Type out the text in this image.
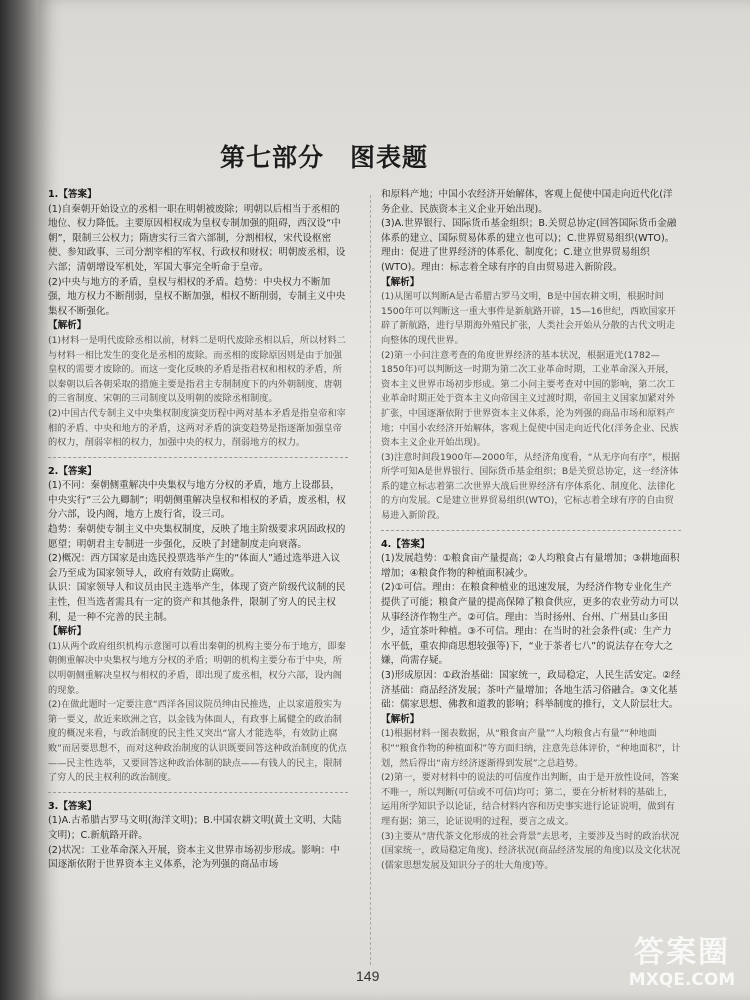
第七部分 图表题

1.【答案】

(1)自秦朝开始设立的丞相一职在明朝被废除；明朝以后相当于丞相的地位、权力降低。主要原因相权成为皇权专制加强的阻碍，西汉设“中朝”，限制三公权力；隋唐实行三省六部制，分割相权，宋代设枢密使、参知政事、三司分割宰相的军权、行政权和财权；明朝废丞相，设六部；清朝增设军机处，军国大事完全听命于皇帝。

(2)中央与地方的矛盾，皇权与相权的矛盾。趋势：中央权力不断加强，地方权力不断削弱，皇权不断加强，相权不断削弱，专制主义中央集权不断强化。

【解析】

(1)材料一是明代废除丞相以前，材料二是明代废除丞相以后，所以材料二与材料一相比发生的变化是丞相的废除。而丞相的废除原因则是由于加强皇权的需要才废除的。而这一变化反映的矛盾是指君权和相权的矛盾，所以秦朝以后各朝采取的措施主要是指君主专制制度下的内外朝制度、唐朝的三省制度、宋朝的三司制度以及明朝的废除丞相制度。

(2)中国古代专制主义中央集权制度演变历程中两对基本矛盾是指皇帝和宰相的矛盾、中央和地方的矛盾，这两对矛盾的演变趋势是指逐渐加强皇帝的权力，削弱宰相的权力，加强中央的权力，削弱地方的权力。

2.【答案】

(1)不同：秦朝侧重解决中央集权与地方分权的矛盾，地方上设郡县，中央实行“三公九卿制”；明朝侧重解决皇权和相权的矛盾，废丞相，权分六部，设内阁，地方上废行省，设三司。

趋势：秦朝使专制主义中央集权制度，反映了地主阶级要求巩固政权的愿望；明朝君主专制进一步强化，反映了封建制度走向衰落。

(2)概况：西方国家是由选民投票选举产生的“体面人”通过选举进入议会乃至成为国家领导人，政府有效防止腐败。

认识：国家领导人和议员由民主选举产生，体现了资产阶级代议制的民主性，但当选者需具有一定的资产和其他条件，限制了穷人的民主权利，是一种不完善的民主制。

【解析】

(1)从两个政府组织机构示意图可以看出秦朝的机构主要分布于地方，即秦朝侧重解决中央集权与地方分权的矛盾；明朝的机构主要分布于中央，所以明朝侧重解决皇权与相权的矛盾，即出现了废丞相，权分六部，设内阁的现象。

(2)在做此题时一定要注意“西洋各国议院员绅由民推选，止以家道殷实为第一要义，故近来欧洲之官，以金钱为体面人，有政事上属健全的政治制度的概况来看，与政治制度的民主性又突出“富人才能选举，有效防止腐败”而居要思想不，而对这种政治制度的认识既要回答这种政治制度的优点——民主性选举，又要回答这种政治体制的缺点——有钱人的民主，限制了穷人的民主权利的政治制度。

3.【答案】

(1)A.古希腊古罗马文明(海洋文明)；B.中国农耕文明(黄土文明、大陆文明)；C.新航路开辟。

(2)状况：工业革命深入开展，资本主义世界市场初步形成。影响：中国逐渐依附于世界资本主义体系，沦为列强的商品市场

和原料产地；中国小农经济开始解体，客观上促使中国走向近代化(洋务企业、民族资本主义企业开始出现)。

(3)A.世界银行、国际货币基金组织；B.关贸总协定(回答国际货币金融体系的建立、国际贸易体系的建立也可以)；C.世界贸易组织(WTO)。理由：促进了世界经济的体系化、制度化；C.建立世界贸易组织(WTO)。理由：标志着全球有序的自由贸易进入新阶段。

【解析】

(1)从图可以判断A是古希腊古罗马文明，B是中国农耕文明，根据时间1500年可以判断这一重大事件是新航路开辟，15—16世纪，西欧国家开辟了新航路，进行早期海外殖民扩张，人类社会开始从分散的古代文明走向整体的现代世界。

(2)第一小问注意考查的角度世界经济的基本状况，根据道光(1782—1850年)可以判断这一时期为第二次工业革命时期，工业革命深入开展，资本主义世界市场初步形成。第二小问主要考查对中国的影响，第二次工业革命时期正处于资本主义向帝国主义过渡时期，帝国主义国家加紧对外扩张，中国逐渐依附于世界资本主义体系，沦为列强的商品市场和原料产地；中国小农经济开始解体，客观上促使中国走向近代化(洋务企业、民族资本主义企业开始出现)。

(3)注意时间段1900年—2000年，从经济角度看，“从无序向有序”，根据所学可知A是世界银行、国际货币基金组织；B是关贸总协定，这一经济体系的建立标志着第二次世界大战后世界经济有序体系化、制度化、法律化的方向发展。C是建立世界贸易组织(WTO)，它标志着全球有序的自由贸易进入新阶段。

4.【答案】

(1)发展趋势：①粮食亩产量提高；②人均粮食占有量增加；③耕地面积增加；④粮食作物的种植面积减少。

(2)①可信。理由：在粮食种植业的迅速发展，为经济作物专业化生产提供了可能；粮食产量的提高保障了粮食供应，更多的农业劳动力可以从事经济作物生产。②可信。理由：当时扬州、台州、广州县山多田少，适宜茶叶种植。③不可信。理由：在当时的社会条件(或：生产力水平低，重农抑商思想较强等)下，“业于茶者七八”的说法存在夸大之嫌，尚需存疑。

(3)形成原因：①政治基础：国家统一，政局稳定，人民生活安定。②经济基础：商品经济发展；茶叶产量增加；各地生活习俗融合。③文化基础：儒家思想、佛教和道教的影响；科举制度的推行，文人阶层壮大。

【解析】

(1)根据材料一图表数据，从“粮食亩产量”“人均粮食占有量”“种地面积”“粮食作物的种植面积”等方面归纳，注意先总体评价，“种地面积”，计划，然后得出“南方经济逐渐得到发展”之总趋势。

(2)第一，要对材料中的说法的可信度作出判断，由于是开放性设问，答案不唯一，所以判断(可信或不可信)均可；第二，要在分析材料的基础上，运用所学知识予以论证，结合材料内容和历史事实进行论证说明，做到有理有据；第三，论证说明的过程，要言之成文。

(3)主要从“唐代茶文化形成的社会背景”去思考，主要涉及当时的政治状况(国家统一，政局稳定角度)、经济状况(商品经济发展的角度)以及文化状况(儒家思想发展及知识分子的壮大角度)等。

149
答案圈
MXQE.COM
